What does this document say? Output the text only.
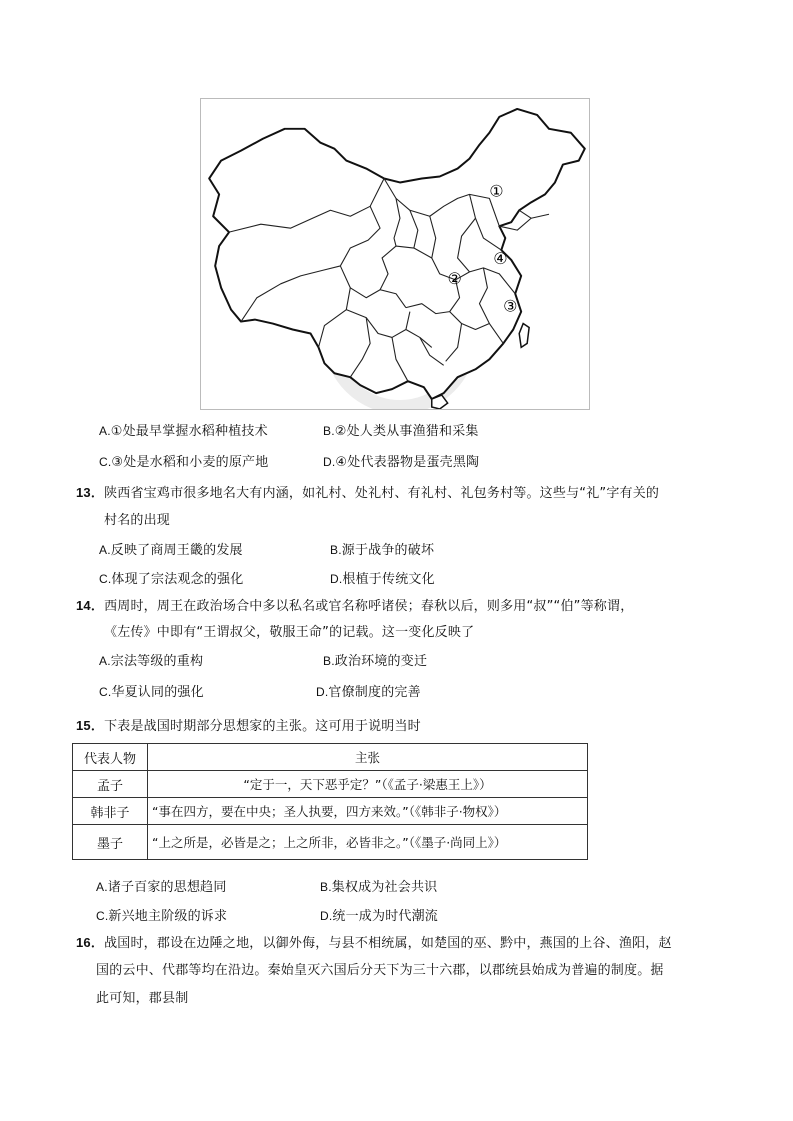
①
②
③
④
A.①处最早掌握水稻种植技术	B.②处人类从事渔猎和采集
C.③处是水稻和小麦的原产地	D.④处代表器物是蛋壳黑陶
13．陕西省宝鸡市很多地名大有内涵，如礼村、处礼村、有礼村、礼包务村等。这些与“礼”字有关的
村名的出现
A.反映了商周王畿的发展	B.源于战争的破坏
C.体现了宗法观念的强化	D.根植于传统文化
14．西周时，周王在政治场合中多以私名或官名称呼诸侯；春秋以后，则多用“叔”“伯”等称谓，
《左传》中即有“王谓叔父，敬服王命”的记载。这一变化反映了
A.宗法等级的重构	B.政治环境的变迁
C.华夏认同的强化	D.官僚制度的完善
15．下表是战国时期部分思想家的主张。这可用于说明当时
代表人物	主张
孟子	“定于一，天下恶乎定？”（《孟子·梁惠王上》）
韩非子	“事在四方，要在中央；圣人执要，四方来效。”（《韩非子·物权》）
墨子	“上之所是，必皆是之；上之所非，必皆非之。”（《墨子·尚同上》）
A.诸子百家的思想趋同	B.集权成为社会共识
C.新兴地主阶级的诉求	D.统一成为时代潮流
16．战国时，郡设在边陲之地，以御外侮，与县不相统属，如楚国的巫、黔中，燕国的上谷、渔阳，赵
国的云中、代郡等均在沿边。秦始皇灭六国后分天下为三十六郡，以郡统县始成为普遍的制度。据
此可知，郡县制
